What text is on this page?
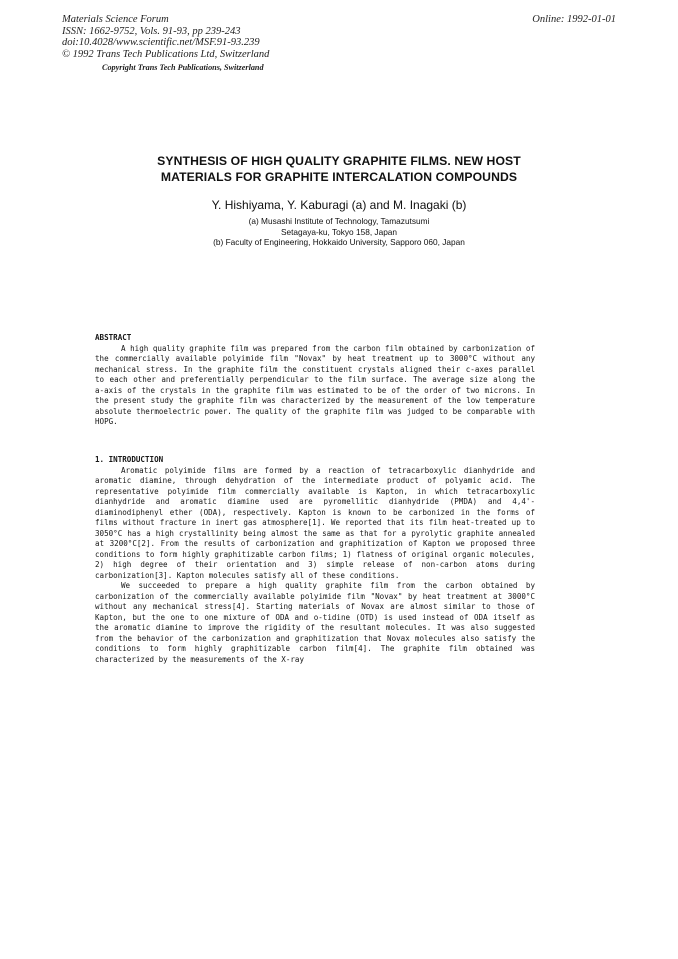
Materials Science Forum
ISSN: 1662-9752, Vols. 91-93, pp 239-243
doi:10.4028/www.scientific.net/MSF.91-93.239
© 1992 Trans Tech Publications Ltd, Switzerland
Copyright Trans Tech Publications, Switzerland
Online: 1992-01-01
SYNTHESIS OF HIGH QUALITY GRAPHITE FILMS. NEW HOST
MATERIALS FOR GRAPHITE INTERCALATION COMPOUNDS
Y. Hishiyama, Y. Kaburagi (a) and M. Inagaki (b)
(a) Musashi Institute of Technology, Tamazutsumi
Setagaya-ku, Tokyo 158, Japan
(b) Faculty of Engineering, Hokkaido University, Sapporo 060, Japan
ABSTRACT

A high quality graphite film was prepared from the carbon film obtained by carbonization of the commercially available polyimide film "Novax" by heat treatment up to 3000°C without any mechanical stress. In the graphite film the constituent crystals aligned their c-axes parallel to each other and preferentially perpendicular to the film surface. The average size along the a-axis of the crystals in the graphite film was estimated to be of the order of two microns. In the present study the graphite film was characterized by the measurement of the low temperature absolute thermoelectric power. The quality of the graphite film was judged to be comparable with HOPG.

1. INTRODUCTION

Aromatic polyimide films are formed by a reaction of tetracarboxylic dianhydride and aromatic diamine, through dehydration of the intermediate product of polyamic acid. The representative polyimide film commercially available is Kapton, in which tetracarboxylic dianhydride and aromatic diamine used are pyromellitic dianhydride (PMDA) and 4,4'-diaminodiphenyl ether (ODA), respectively. Kapton is known to be carbonized in the forms of films without fracture in inert gas atmosphere[1]. We reported that its film heat-treated up to 3050°C has a high crystallinity being almost the same as that for a pyrolytic graphite annealed at 3200°C[2]. From the results of carbonization and graphitization of Kapton we proposed three conditions to form highly graphitizable carbon films; 1) flatness of original organic molecules, 2) high degree of their orientation and 3) simple release of non-carbon atoms during carbonization[3]. Kapton molecules satisfy all of these conditions.

We succeeded to prepare a high quality graphite film from the carbon obtained by carbonization of the commercially available polyimide film "Novax" by heat treatment at 3000°C without any mechanical stress[4]. Starting materials of Novax are almost similar to those of Kapton, but the one to one mixture of ODA and o-tidine (OTD) is used instead of ODA itself as the aromatic diamine to improve the rigidity of the resultant molecules. It was also suggested from the behavior of the carbonization and graphitization that Novax molecules also satisfy the conditions to form highly graphitizable carbon film[4]. The graphite film obtained was characterized by the measurements of the X-ray
